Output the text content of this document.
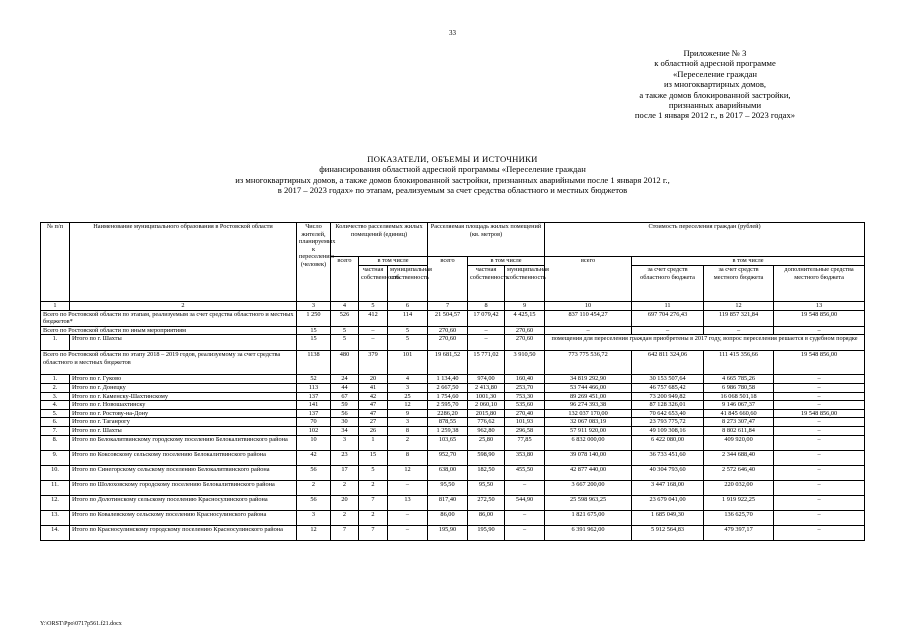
33
Приложение № 3
к областной адресной программе
«Переселение граждан
из многоквартирных домов,
а также домов блокированной застройки,
признанных аварийными
после 1 января 2012 г., в 2017 – 2023 годах»
ПОКАЗАТЕЛИ, ОБЪЕМЫ И ИСТОЧНИКИ
финансирования областной адресной программы «Переселение граждан
из многоквартирных домов, а также домов блокированной застройки, признанных аварийными после 1 января 2012 г.,
в 2017 – 2023 годах» по этапам, реализуемым за счет средства областного и местных бюджетов
№ п/п	Наименование муниципального образования в Ростовской области	Число жителей, планируемых к переселению (человек)	Количество расселяемых жилых помещений (единиц)			Расселяемая площадь жилых помещений (кв. метров)			Стоимость переселения граждан (рублей)			
			всего	в том числе		всего	в том числе		всего	в том числе		
				частная собственность	муниципальная собственность		частная собственность	муниципальная собственность		за счет средств областного бюджета	за счет средств местного бюджета	дополнительные средства местного бюджета
1	2	3	4	5	6	7	8	9	10	11	12	13
Всего по Ростовской области по этапам, реализуемым за счет средства областного и местных бюджетов*		1 250	526	412	114	21 504,57	17 079,42	4 425,15	837 110 454,27	697 704 276,43	119 857 321,84	19 548 856,00
Всего по Ростовской области по иным мероприятиям		15	5	–	5	270,60	–	270,60	–	–	–	–
1.	Итого по г. Шахты	15	5	–	5	270,60	–	270,60	помещения для переселения граждан приобретены в 2017 году, вопрос переселения решается в судебном порядке			
Всего по Ростовской области по этапу 2018 – 2019 годов, реализуемому за счет средства областного и местных бюджетов		1138	480	379	101	19 681,52	15 771,02	3 910,50	773 775 536,72	642 811 324,06	111 415 356,66	19 548 856,00
1.	Итого по г. Гуково	52	24	20	4	1 134,40	974,00	160,40	34 819 292,90	30 153 507,64	4 665 785,26	–
2.	Итого по г. Донецку	113	44	41	3	2 667,50	2 413,80	253,70	53 744 466,00	46 757 685,42	6 986 780,58	–
3.	Итого по г. Каменску-Шахтинскому	137	67	42	25	1 754,60	1001,30	753,30	89 269 451,00	73 200 949,82	16 068 501,18	–
4.	Итого по г. Новошахтинску	141	59	47	12	2 595,70	2 060,10	535,60	96 274 393,38	87 128 326,01	9 146 067,37	–
5.	Итого по г. Ростову-на-Дону	137	56	47	9	2286,20	2015,80	270,40	132 037 170,00	70 642 653,40	41 845 660,60	19 548 856,00
6.	Итого по г. Таганрогу	70	30	27	3	878,55	776,62	101,93	32 067 083,19	23 793 775,72	8 273 307,47	–
7.	Итого по г. Шахты	102	34	26	8	1 259,38	962,80	296,58	57 911 920,00	49 109 308,16	8 802 611,84	–
8.	Итого по Белокалитвинскому городскому поселению Белокалитвинского района	10	3	1	2	103,65	25,80	77,85	6 832 000,00	6 422 080,00	409 920,00	–
9.	Итого по Коксовскому сельскому поселению Белокалитвинского района	42	23	15	8	952,70	598,90	353,80	39 078 140,00	36 733 451,60	2 344 688,40	–
10.	Итого по Синегорскому сельскому поселению Белокалитвинского района	56	17	5	12	638,00	182,50	455,50	42 877 440,00	40 304 793,60	2 572 646,40	–
11.	Итого по Шолоховскому городскому поселению Белокалитвинского района	2	2	2	–	95,50	95,50	–	3 667 200,00	3 447 168,00	220 032,00	–
12.	Итого по Долотинскому сельскому поселению Красносулинского района	56	20	7	13	817,40	272,50	544,90	25 598 963,25	23 679 041,00	1 919 922,25	–
13.	Итого по Ковалевскому сельскому поселению Красносулинского района	3	2	2	–	86,00	86,00	–	1 821 675,00	1 685 049,30	136 625,70	–
14.	Итого по Красносулинскому городскому поселению Красносулинского района	12	7	7	–	195,90	195,90	–	6 391 962,00	5 912 564,83	479 397,17	–
Y:\ORST\Ppo\0717p561.f21.docx
